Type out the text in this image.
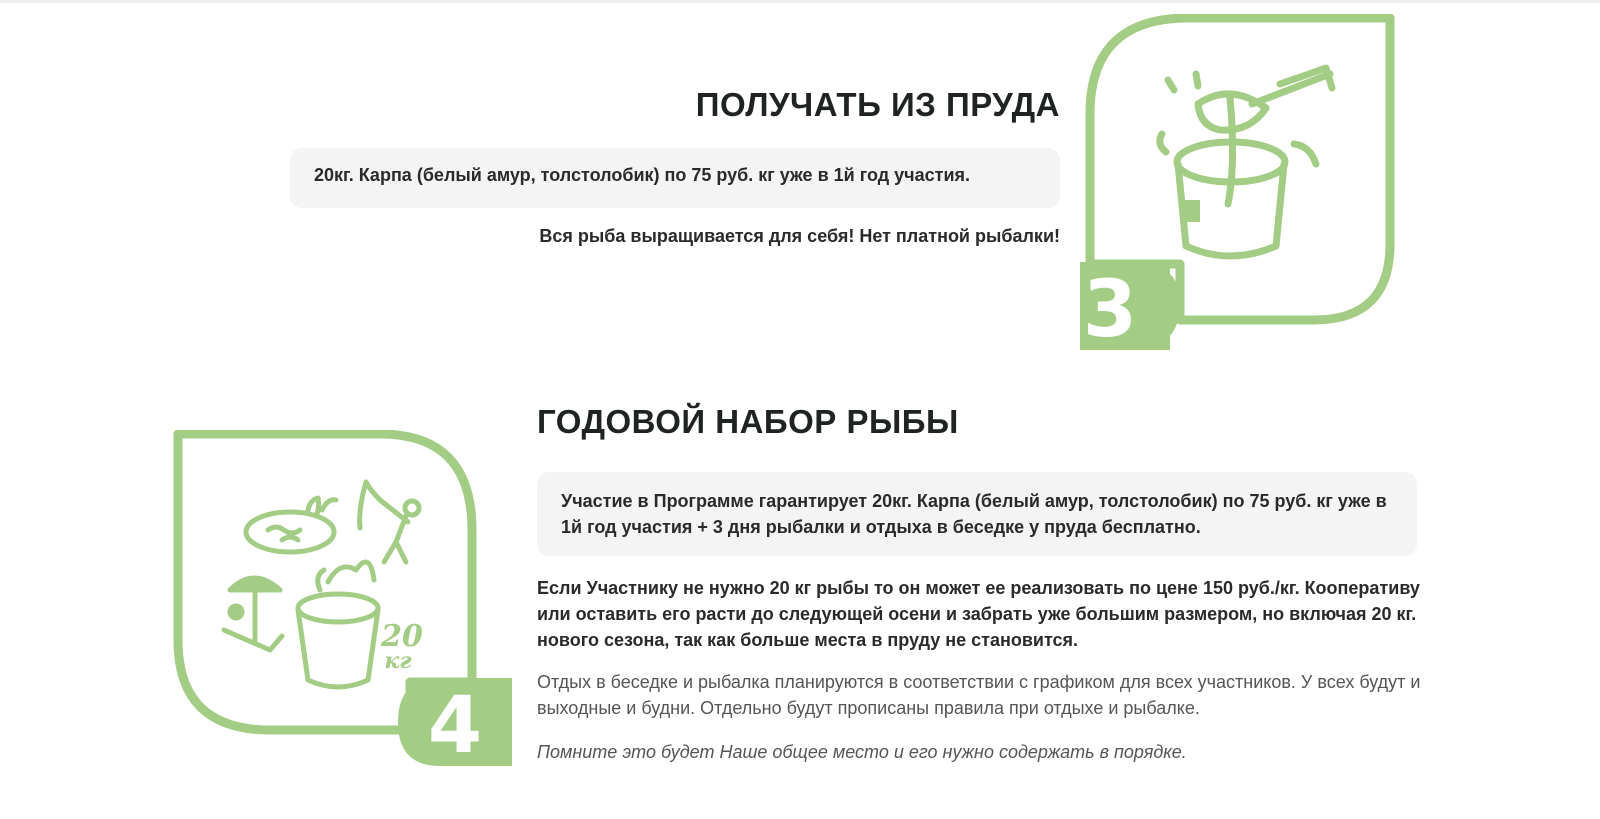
ПОЛУЧАТЬ ИЗ ПРУДА
20кг. Карпа (белый амур, толстолобик) по 75 руб. кг уже в 1й год участия.
Вся рыба выращивается для себя! Нет платной рыбалки!
3
ГОДОВОЙ НАБОР РЫБЫ
Участие в Программе гарантирует 20кг. Карпа (белый амур, толстолобик) по 75 руб. кг уже в 1й год участия + 3 дня рыбалки и отдыха в беседке у пруда бесплатно.

Если Участнику не нужно 20 кг рыбы то он может ее реализовать по цене 150 руб./кг. Кооперативу или оставить его расти до следующей осени и забрать уже большим размером, но включая 20 кг. нового сезона, так как больше места в пруду не становится.

Отдых в беседке и рыбалка планируются в соответствии с графиком для всех участников. У всех будут и выходные и будни. Отдельно будут прописаны правила при отдыхе и рыбалке.

Помните это будет Наше общее место и его нужно содержать в порядке.

4
20
кг
